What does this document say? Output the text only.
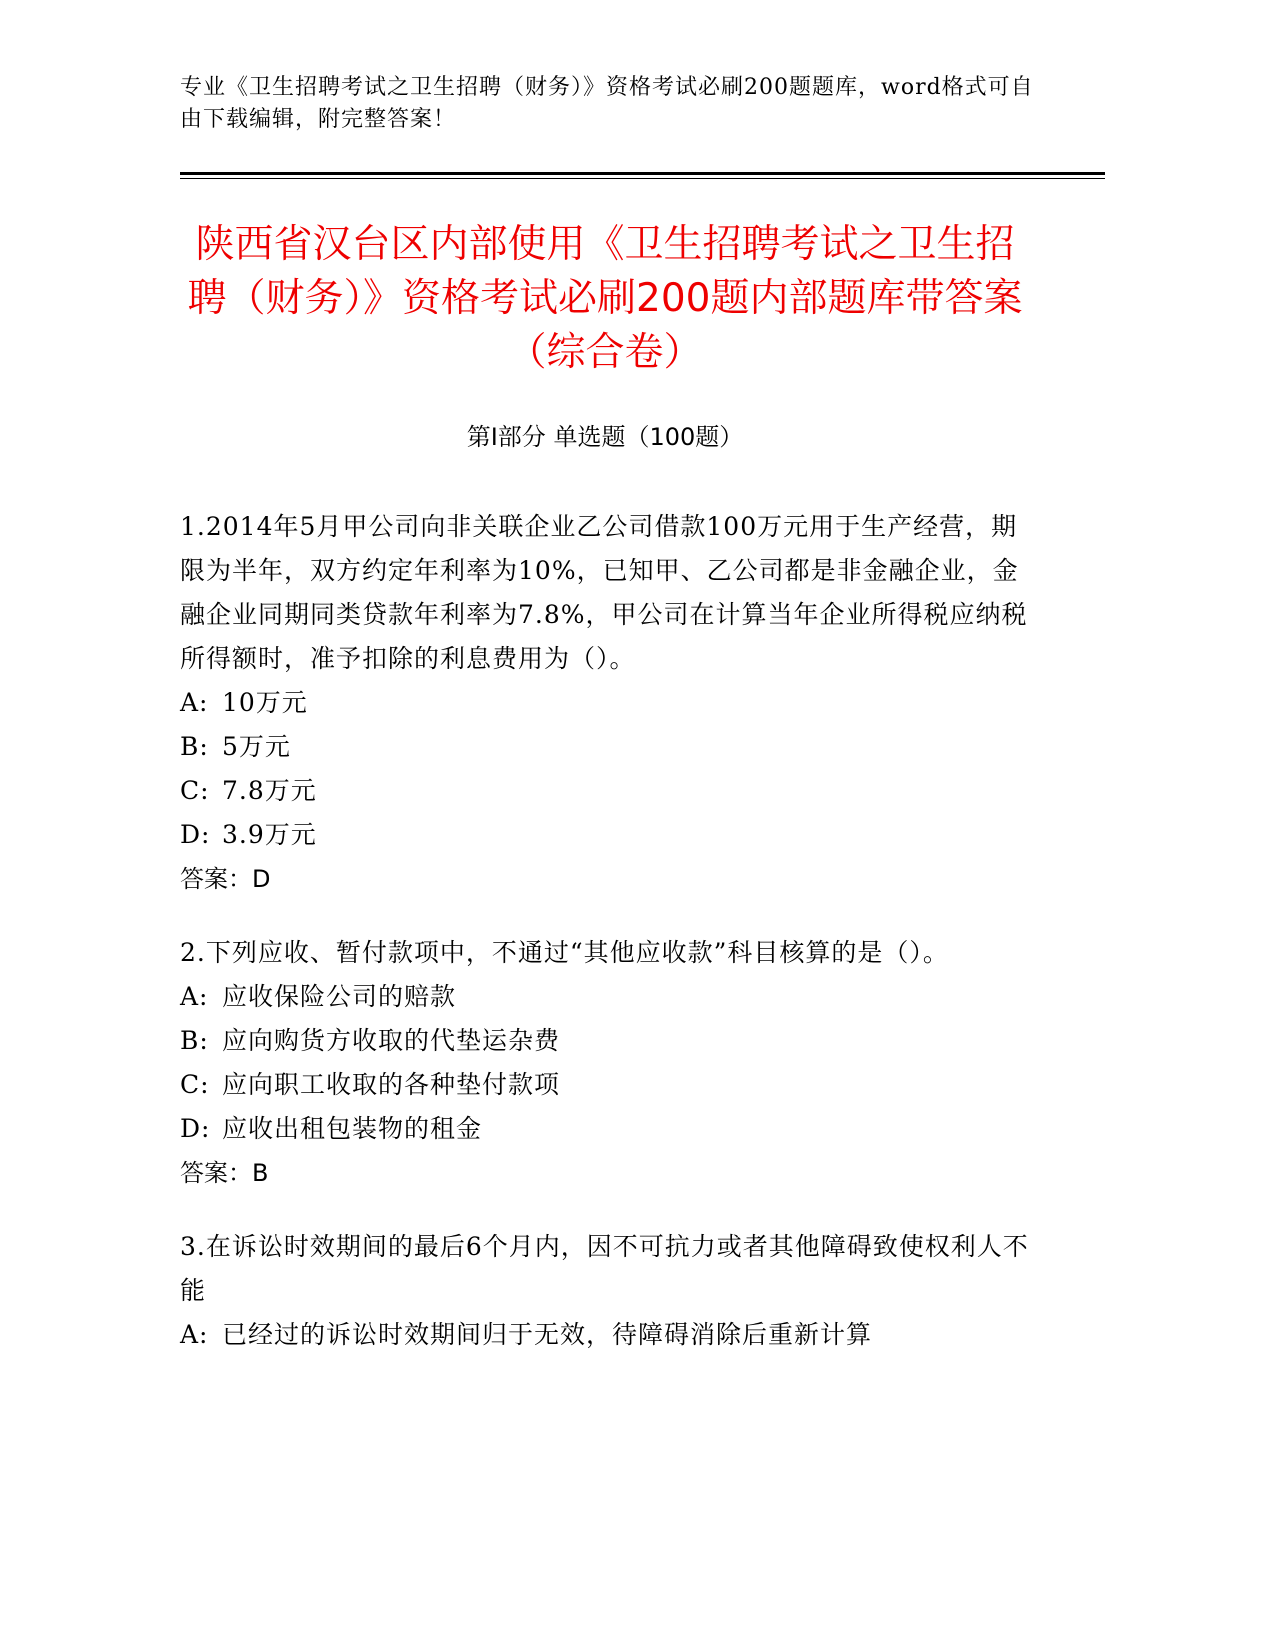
专业《卫生招聘考试之卫生招聘（财务）》资格考试必刷200题题库，word格式可自由下载编辑，附完整答案！
陕西省汉台区内部使用《卫生招聘考试之卫生招聘（财务）》资格考试必刷200题内部题库带答案（综合卷）
第I部分 单选题（100题）
1.2014年5月甲公司向非关联企业乙公司借款100万元用于生产经营，期限为半年，双方约定年利率为10%，已知甲、乙公司都是非金融企业，金融企业同期同类贷款年利率为7.8%，甲公司在计算当年企业所得税应纳税所得额时，准予扣除的利息费用为（）。
A: 10万元
B: 5万元
C: 7.8万元
D: 3.9万元
答案：D
2.下列应收、暂付款项中，不通过“其他应收款”科目核算的是（）。
A: 应收保险公司的赔款
B: 应向购货方收取的代垫运杂费
C: 应向职工收取的各种垫付款项
D: 应收出租包装物的租金
答案：B
3.在诉讼时效期间的最后6个月内，因不可抗力或者其他障碍致使权利人不能
A: 已经过的诉讼时效期间归于无效，待障碍消除后重新计算
